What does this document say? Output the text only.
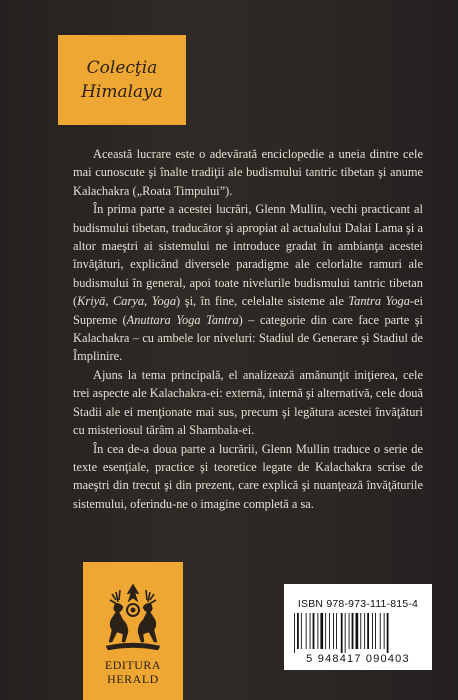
Colecţia
Himalaya

Această lucrare este o adevărată enciclopedie a uneia dintre cele mai cunoscute şi înalte tradiţii ale budismului tantric tibetan şi anume Kalachakra („Roata Timpului”).

În prima parte a acestei lucrări, Glenn Mullin, vechi practicant al budismului tibetan, traducător şi apropiat al actualului Dalai Lama şi a altor maeştri ai sistemului ne introduce gradat în ambianţa acestei învăţături, explicând diversele paradigme ale celorlalte ramuri ale budismului în general, apoi toate nivelurile budismului tantric tibetan (Kriyā, Carya, Yoga) şi, în fine, celelalte sisteme ale Tantra Yoga-ei Supreme (Anuttara Yoga Tantra) – categorie din care face parte şi Kalachakra – cu ambele lor niveluri: Stadiul de Generare şi Stadiul de Împlinire.

Ajuns la tema principală, el analizează amănunţit iniţierea, cele trei aspecte ale Kalachakra-ei: externă, internă şi alternativă, cele două Stadii ale ei menţionate mai sus, precum şi legătura acestei învăţături cu misteriosul tărâm al Shambala-ei.

În cea de-a doua parte a lucrării, Glenn Mullin traduce o serie de texte esenţiale, practice şi teoretice legate de Kalachakra scrise de maeştri din trecut şi din prezent, care explică şi nuanţează învăţăturile sistemului, oferindu-ne o imagine completă a sa.

EDITURA
HERALD
ISBN 978-973-111-815-4
5 948417 090403
